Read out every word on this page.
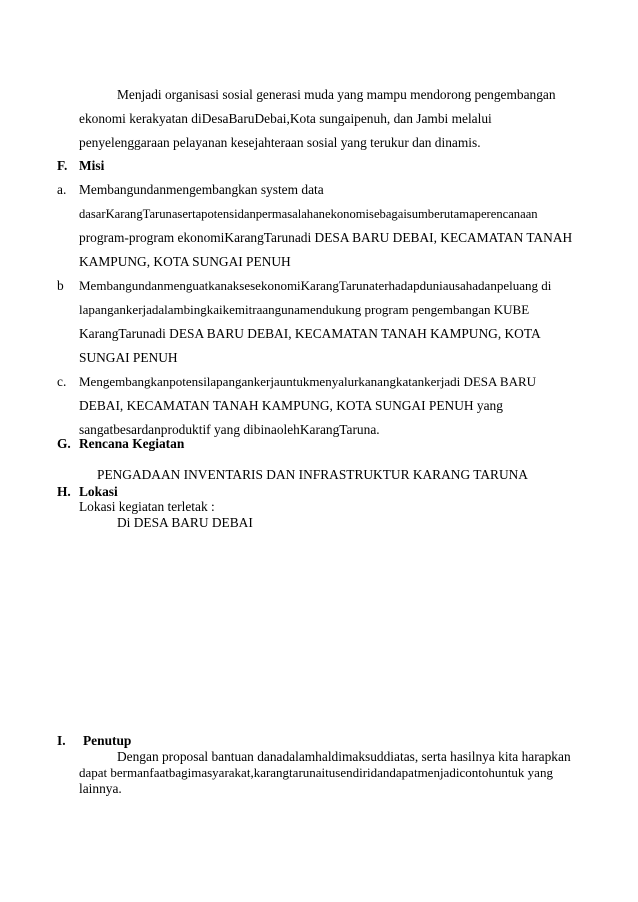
Menjadi organisasi sosial generasi muda yang mampu mendorong pengembangan
ekonomi kerakyatan diDesaBaruDebai,Kota sungaipenuh, dan Jambi melalui
penyelenggaraan pelayanan kesejahteraan sosial yang terukur dan dinamis.
F. Misi
a. Membangundanmengembangkan system data
dasarKarangTarunasertapotensidanpermasalahanekonomisebagaisumberutamaperencanaan
program-program ekonomiKarangTarunadi DESA BARU DEBAI, KECAMATAN TANAH
KAMPUNG, KOTA SUNGAI PENUH
b MembangundanmenguatkanaksesekonomiKarangTarunaterhadapduniausahadanpeluang di
lapangankerjadalambingkaikemitraangunamendukung program pengembangan KUBE
KarangTarunadi DESA BARU DEBAI, KECAMATAN TANAH KAMPUNG, KOTA
SUNGAI PENUH
c. Mengembangkanpotensilapangankerjauntukmenyalurkanangkatankerjadi DESA BARU
DEBAI, KECAMATAN TANAH KAMPUNG, KOTA SUNGAI PENUH yang
sangatbesardanproduktif yang dibinaolehKarangTaruna.
G. Rencana Kegiatan
PENGADAAN INVENTARIS DAN INFRASTRUKTUR KARANG TARUNA
H. Lokasi
Lokasi kegiatan terletak :
Di DESA BARU DEBAI
I. Penutup
Dengan proposal bantuan danadalamhaldimaksuddiatas, serta hasilnya kita harapkan
dapat bermanfaatbagimasyarakat,karangtarunaitusendiridandapatmenjadicontohuntuk yang
lainnya.
